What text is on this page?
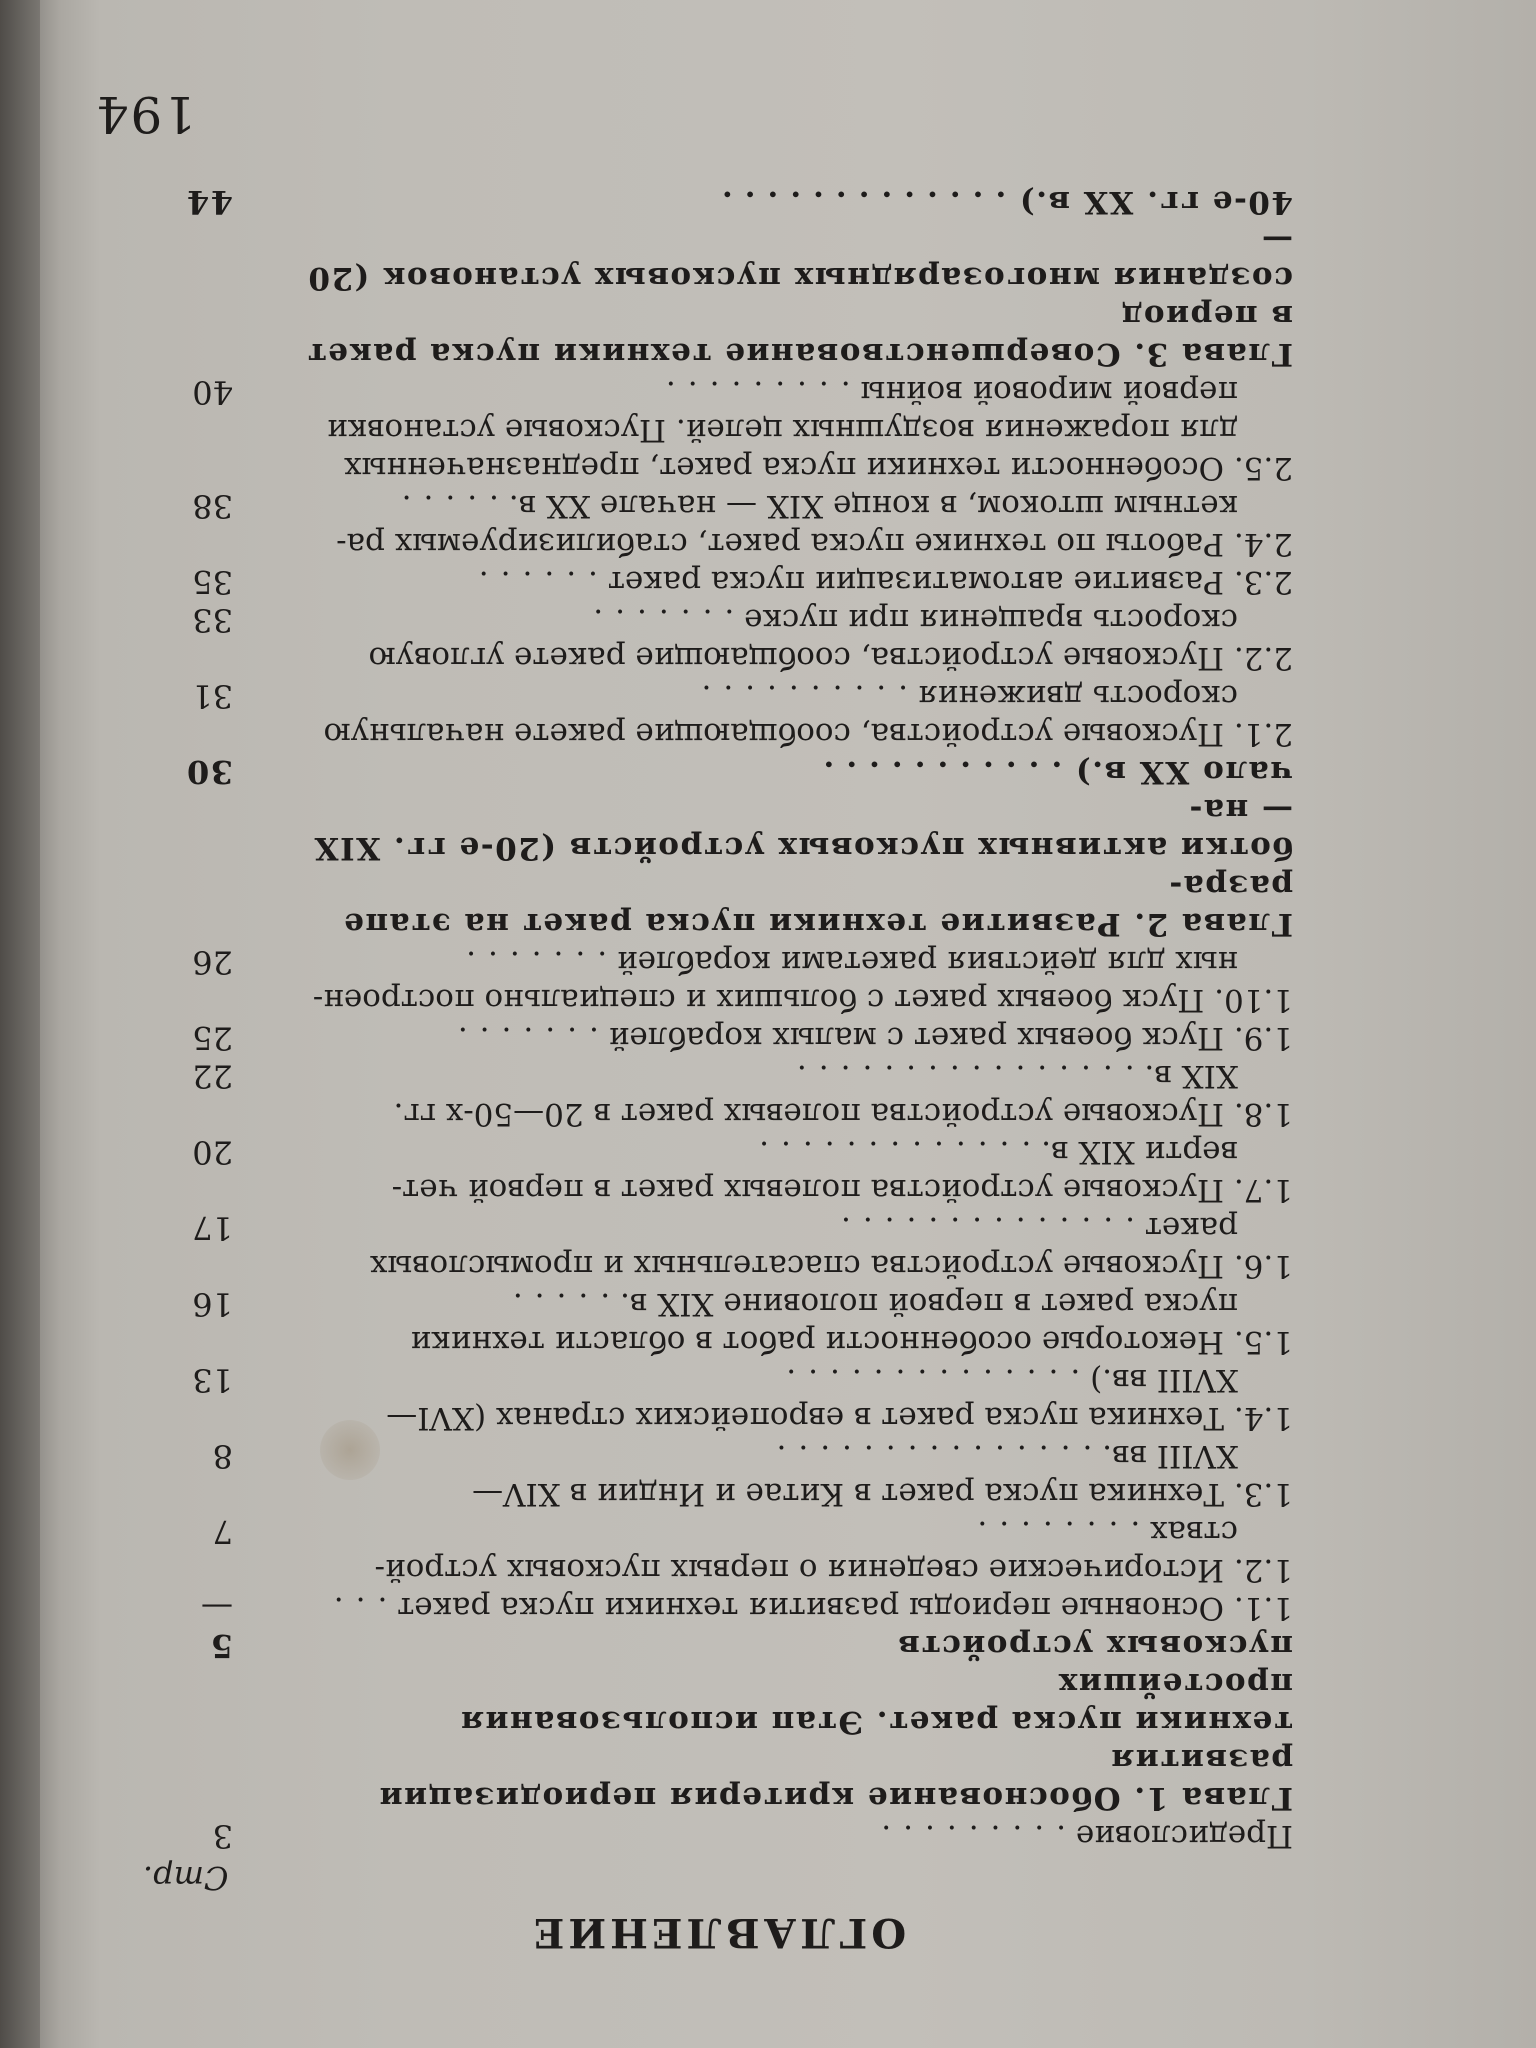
ОГЛАВЛЕНИЕ
Стр.
Предисловие .........
3
Глава 1. Обоснование критерия периодизации развития
техники пуска ракет. Этап использования простейших
пусковых устройств
5
1.1. Основные периоды развития техники пуска ракет ...
—
1.2. Исторические сведения о первых пусковых устрой-
ствах ........
7
1.3. Техника пуска ракет в Китае и Индии в XIV—
XVIII вв. ...............
8
1.4. Техника пуска ракет в европейских странах (XVI—
XVIII вв.) ..............
13
1.5. Некоторые особенности работ в области техники
пуска ракет в первой половине XIX в. .....
16
1.6. Пусковые устройства спасательных и промысловых
ракет ..............
17
1.7. Пусковые устройства полевых ракет в первой чет-
верти XIX в. .............
20
1.8. Пусковые устройства полевых ракет в 20—50-х гг.
XIX в. ................
22
1.9. Пуск боевых ракет с малых кораблей .......
25
1.10. Пуск боевых ракет с больших и специально построен-
ных для действия ракетами кораблей .......
26
Глава 2. Развитие техники пуска ракет на этапе разра-
ботки активных пусковых устройств (20-е гг. XIX — на-
чало XX в.) ...........
30
2.1. Пусковые устройства, сообщающие ракете начальную
скорость движения ..........
31
2.2. Пусковые устройства, сообщающие ракете угловую
скорость вращения при пуске .......
33
2.3. Развитие автоматизации пуска ракет ......
35
2.4. Работы по технике пуска ракет, стабилизируемых ра-
кетным штоком, в конце XIX — начале XX в. .....
38
2.5. Особенности техники пуска ракет, предназначенных
для поражения воздушных целей. Пусковые установки
первой мировой войны .........
40
Глава 3. Совершенствование техники пуска ракет в период
создания многозарядных пусковых установок (20—
40-е гг. XX в.) .............
44
194
